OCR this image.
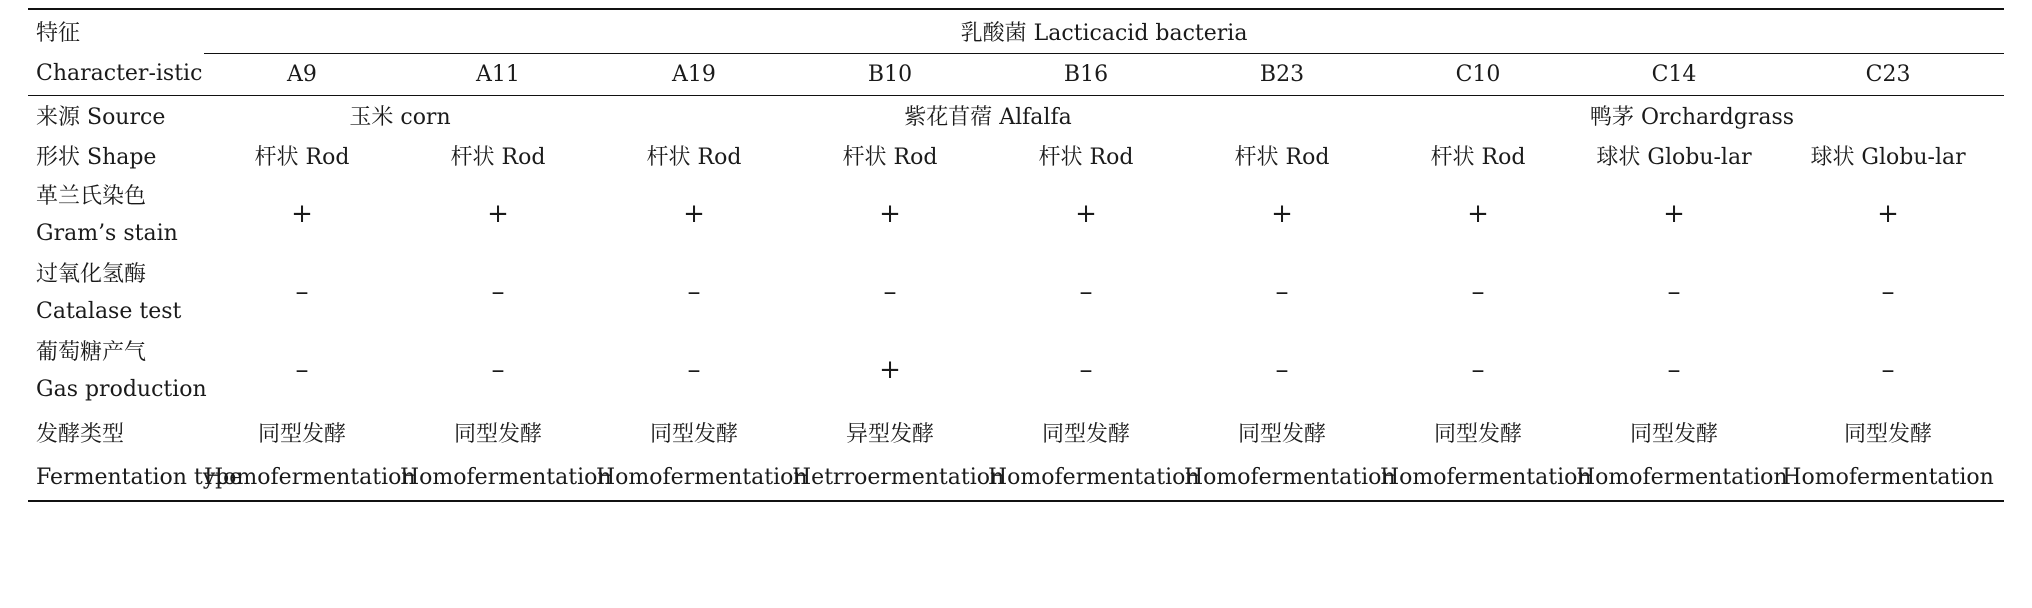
特征	乳酸菌 Lacticacid bacteria								
Character-istic	A9	A11	A19	B10	B16	B23	C10	C14	C23
来源 Source	玉米 corn		紫花苜蓿 Alfalfa				鸭茅 Orchardgrass		
形状 Shape	杆状 Rod	杆状 Rod	杆状 Rod	杆状 Rod	杆状 Rod	杆状 Rod	杆状 Rod	球状 Globu-lar	球状 Globu-lar
革兰氏染色	+	+	+	+	+	+	+	+	+
Gram’s stain									
过氧化氢酶	–	–	–	–	–	–	–	–	–
Catalase test									
葡萄糖产气	–	–	–	+	–	–	–	–	–
Gas production									
发酵类型	同型发酵	同型发酵	同型发酵	异型发酵	同型发酵	同型发酵	同型发酵	同型发酵	同型发酵
Fermentation type	Homofermentation	Homofermentation	Homofermentation	Hetrroermentation	Homofermentation	Homofermentation	Homofermentation	Homofermentation	Homofermentation
